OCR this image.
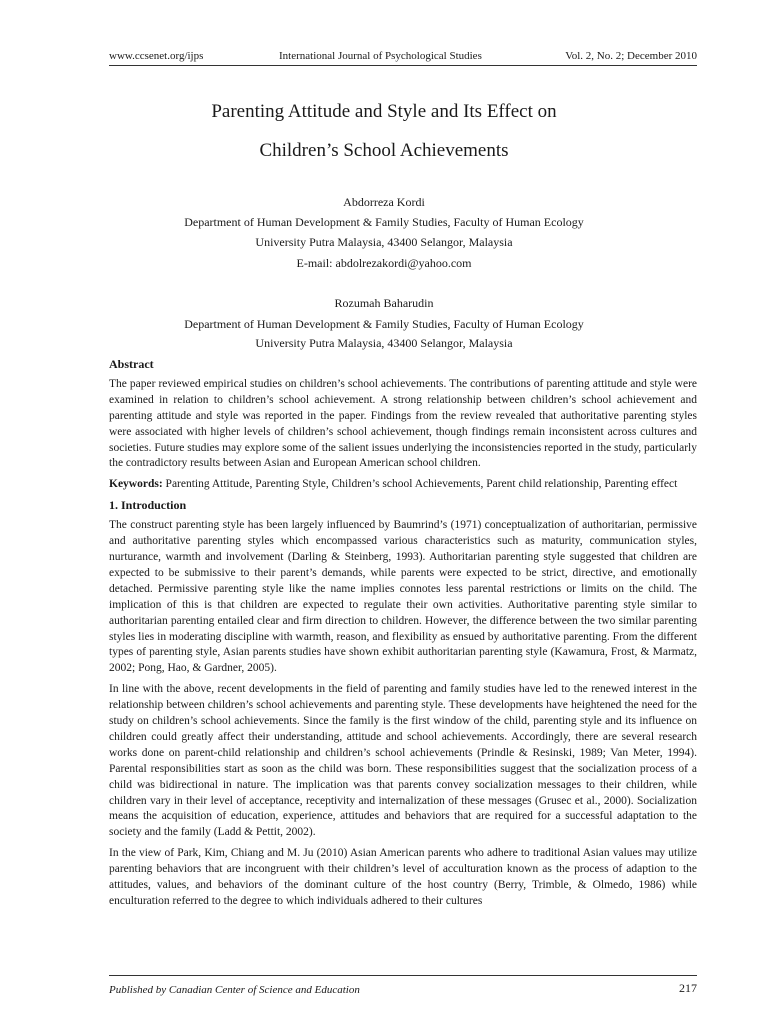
www.ccsenet.org/ijps	International Journal of Psychological Studies	Vol. 2, No. 2; December 2010
Parenting Attitude and Style and Its Effect on
Children’s School Achievements
Abdorreza Kordi
Department of Human Development & Family Studies, Faculty of Human Ecology
University Putra Malaysia, 43400 Selangor, Malaysia
E-mail: abdolrezakordi@yahoo.com
Rozumah Baharudin
Department of Human Development & Family Studies, Faculty of Human Ecology
University Putra Malaysia, 43400 Selangor, Malaysia
Abstract

The paper reviewed empirical studies on children’s school achievements. The contributions of parenting attitude and style were examined in relation to children’s school achievement. A strong relationship between children’s school achievement and parenting attitude and style was reported in the paper. Findings from the review revealed that authoritative parenting styles were associated with higher levels of children’s school achievement, though findings remain inconsistent across cultures and societies. Future studies may explore some of the salient issues underlying the inconsistencies reported in the study, particularly the contradictory results between Asian and European American school children.

Keywords: Parenting Attitude, Parenting Style, Children’s school Achievements, Parent child relationship, Parenting effect

1. Introduction

The construct parenting style has been largely influenced by Baumrind’s (1971) conceptualization of authoritarian, permissive and authoritative parenting styles which encompassed various characteristics such as maturity, communication styles, nurturance, warmth and involvement (Darling & Steinberg, 1993). Authoritarian parenting style suggested that children are expected to be submissive to their parent’s demands, while parents were expected to be strict, directive, and emotionally detached. Permissive parenting style like the name implies connotes less parental restrictions or limits on the child. The implication of this is that children are expected to regulate their own activities. Authoritative parenting style similar to authoritarian parenting entailed clear and firm direction to children. However, the difference between the two similar parenting styles lies in moderating discipline with warmth, reason, and flexibility as ensued by authoritative parenting. From the different types of parenting style, Asian parents studies have shown exhibit authoritarian parenting style (Kawamura, Frost, & Marmatz, 2002; Pong, Hao, & Gardner, 2005).

In line with the above, recent developments in the field of parenting and family studies have led to the renewed interest in the relationship between children’s school achievements and parenting style. These developments have heightened the need for the study on children’s school achievements. Since the family is the first window of the child, parenting style and its influence on children could greatly affect their understanding, attitude and school achievements. Accordingly, there are several research works done on parent-child relationship and children’s school achievements (Prindle & Resinski, 1989; Van Meter, 1994). Parental responsibilities start as soon as the child was born. These responsibilities suggest that the socialization process of a child was bidirectional in nature. The implication was that parents convey socialization messages to their children, while children vary in their level of acceptance, receptivity and internalization of these messages (Grusec et al., 2000). Socialization means the acquisition of education, experience, attitudes and behaviors that are required for a successful adaptation to the society and the family (Ladd & Pettit, 2002).

In the view of Park, Kim, Chiang and M. Ju (2010) Asian American parents who adhere to traditional Asian values may utilize parenting behaviors that are incongruent with their children’s level of acculturation known as the process of adaption to the attitudes, values, and behaviors of the dominant culture of the host country (Berry, Trimble, & Olmedo, 1986) while enculturation referred to the degree to which individuals adhered to their cultures

Published by Canadian Center of Science and Education	217
